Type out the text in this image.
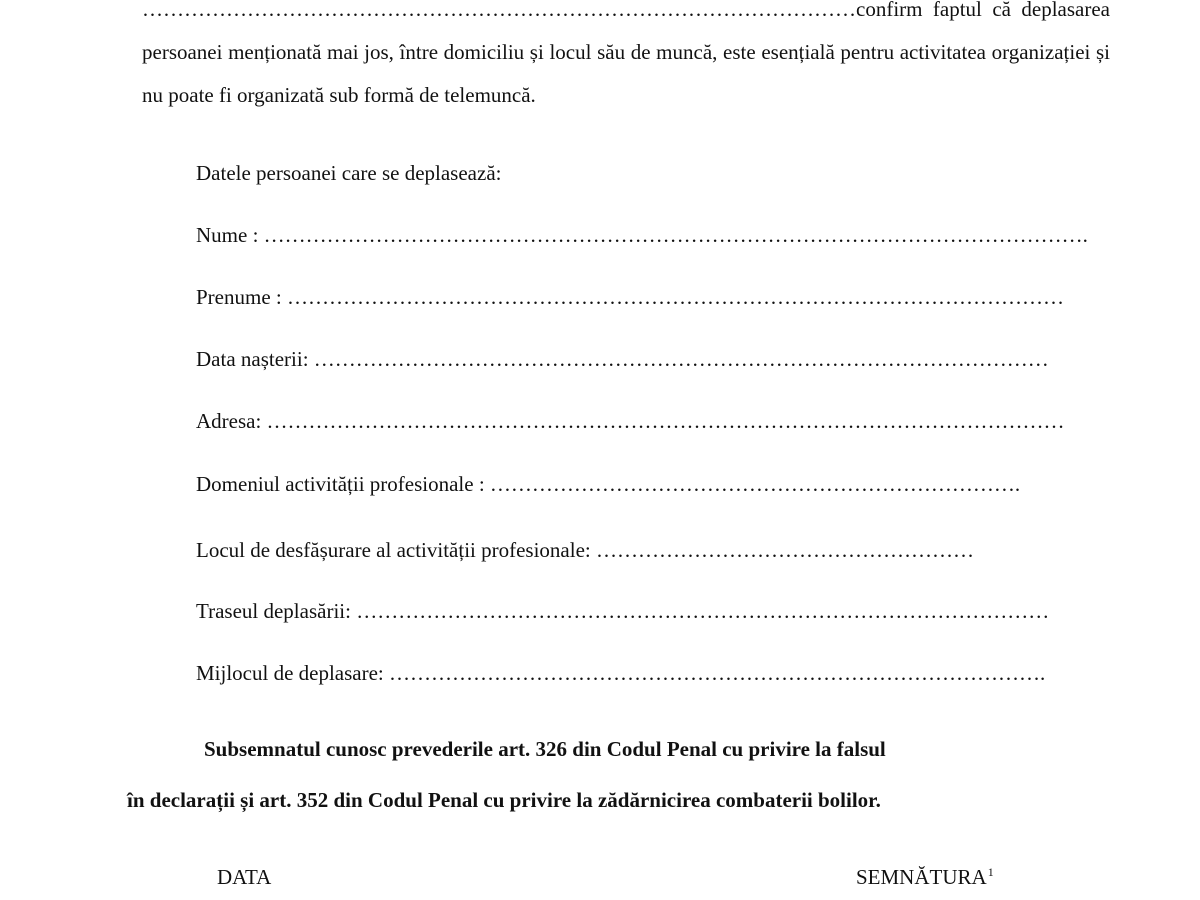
…………………………………………………………………………………………confirm faptul că deplasarea
persoanei menționată mai jos, între domiciliu și locul său de muncă, este esențială pentru activitatea organizației și nu poate fi organizată sub formă de telemuncă.
Datele persoanei care se deplasează:
Nume : ……………………………………………………………………………………………………….
Prenume : …………………………………………………………………………………………………
Data nașterii: ……………………………………………………………………………………………
Adresa: ……………………………………………………………………………………………………
Domeniul activității profesionale : ………………………………………………………………….
Locul de desfășurare al activității profesionale: ………………………………………………
Traseul deplasării: ………………………………………………………………………………………
Mijlocul de deplasare: ………………………………………………………………………………….
Subsemnatul cunosc prevederile art. 326 din Codul Penal cu privire la falsul
în declarații și art. 352 din Codul Penal cu privire la zădărnicirea combaterii bolilor.
DATA	SEMNĂTURA$^1$
